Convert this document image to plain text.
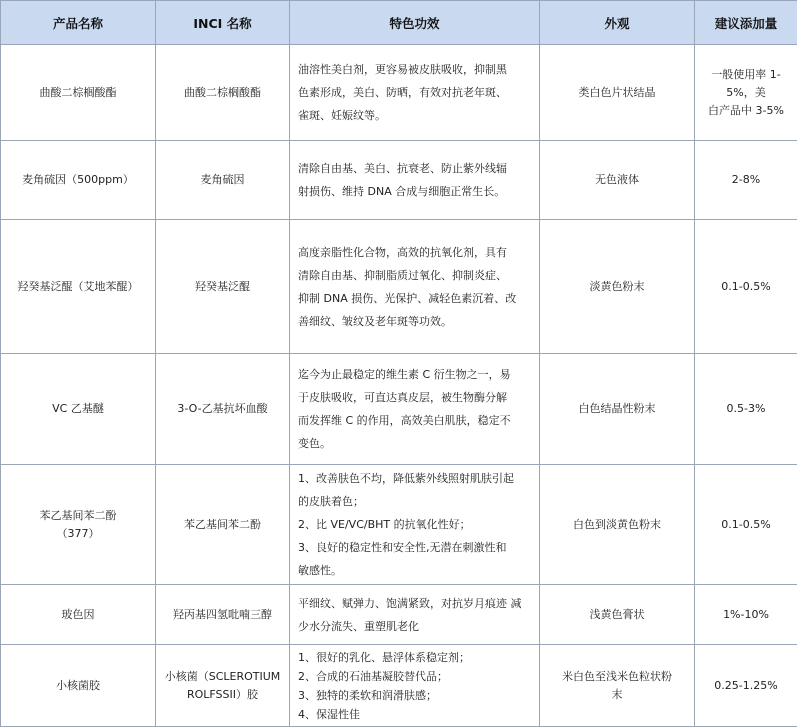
产品名称	INCI 名称	特色功效	外观	建议添加量
曲酸二棕榈酸酯	曲酸二棕榈酸酯	油溶性美白剂，更容易被皮肤吸收，抑制黑
色素形成，美白、防晒，有效对抗老年斑、
雀斑、妊娠纹等。	类白色片状结晶	一般使用率 1-5%，美
白产品中 3-5%

麦角硫因（500ppm）	麦角硫因	清除自由基、美白、抗衰老、防止紫外线辐
射损伤、维持 DNA 合成与细胞正常生长。	无色液体	2-8%

羟癸基泛醌（艾地苯醌）	羟癸基泛醌	高度亲脂性化合物，高效的抗氧化剂，具有
清除自由基、抑制脂质过氧化、抑制炎症、
抑制 DNA 损伤、光保护、减轻色素沉着、改
善细纹、皱纹及老年斑等功效。	淡黄色粉末	0.1-0.5%

VC 乙基醚	3-O-乙基抗坏血酸	迄今为止最稳定的维生素 C 衍生物之一，易
于皮肤吸收，可直达真皮层，被生物酶分解
而发挥维 C 的作用，高效美白肌肤，稳定不
变色。	白色结晶性粉末	0.5-3%

苯乙基间苯二酚
（377）	苯乙基间苯二酚	1、改善肤色不均，降低紫外线照射肌肤引起
的皮肤着色；
2、比 VE/VC/BHT 的抗氧化性好；
3、良好的稳定性和安全性,无潜在刺激性和
敏感性。	白色到淡黄色粉末	0.1-0.5%

玻色因	羟丙基四氢吡喃三醇	平细纹、赋弹力、饱满紧致，对抗岁月痕迹 减
少水分流失、重塑肌老化	浅黄色膏状	1%-10%

小核菌胶	小核菌（SCLEROTIUM
ROLFSSII）胶	1、很好的乳化、悬浮体系稳定剂；
2、合成的石油基凝胶替代品；
3、独特的柔软和润滑肤感；
4、保湿性佳	米白色至浅米色粒状粉
末	0.25-1.25%
